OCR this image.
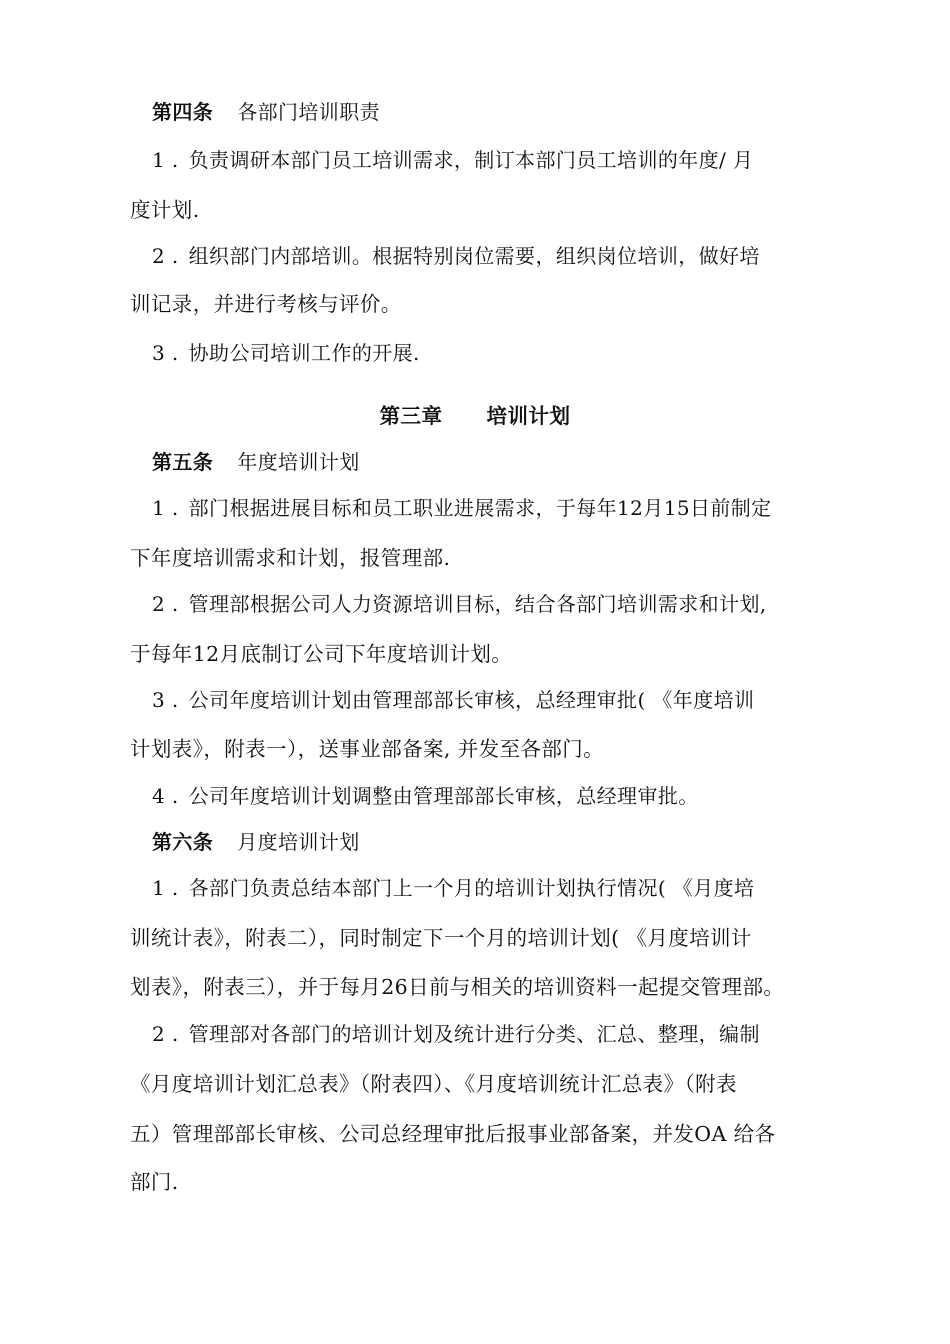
第四条 各部门培训职责
1 . 负责调研本部门员工培训需求，制订本部门员工培训的年度/ 月
度计划.
2 . 组织部门内部培训。根据特别岗位需要，组织岗位培训，做好培
训记录，并进行考核与评价。
3 . 协助公司培训工作的开展.
第三章 培训计划
第五条 年度培训计划
1 . 部门根据进展目标和员工职业进展需求，于每年12月15日前制定
下年度培训需求和计划，报管理部.
2 . 管理部根据公司人力资源培训目标，结合各部门培训需求和计划,
于每年12月底制订公司下年度培训计划。
3 . 公司年度培训计划由管理部部长审核，总经理审批( 《年度培训
计划表》，附表一），送事业部备案, 并发至各部门。
4 . 公司年度培训计划调整由管理部部长审核，总经理审批。
第六条 月度培训计划
1 . 各部门负责总结本部门上一个月的培训计划执行情况( 《月度培
训统计表》，附表二），同时制定下一个月的培训计划( 《月度培训计
划表》，附表三），并于每月26日前与相关的培训资料一起提交管理部。
2 . 管理部对各部门的培训计划及统计进行分类、汇总、整理，编制
《月度培训计划汇总表》（附表四）、《月度培训统计汇总表》（附表
五）管理部部长审核、公司总经理审批后报事业部备案，并发OA 给各
部门.
